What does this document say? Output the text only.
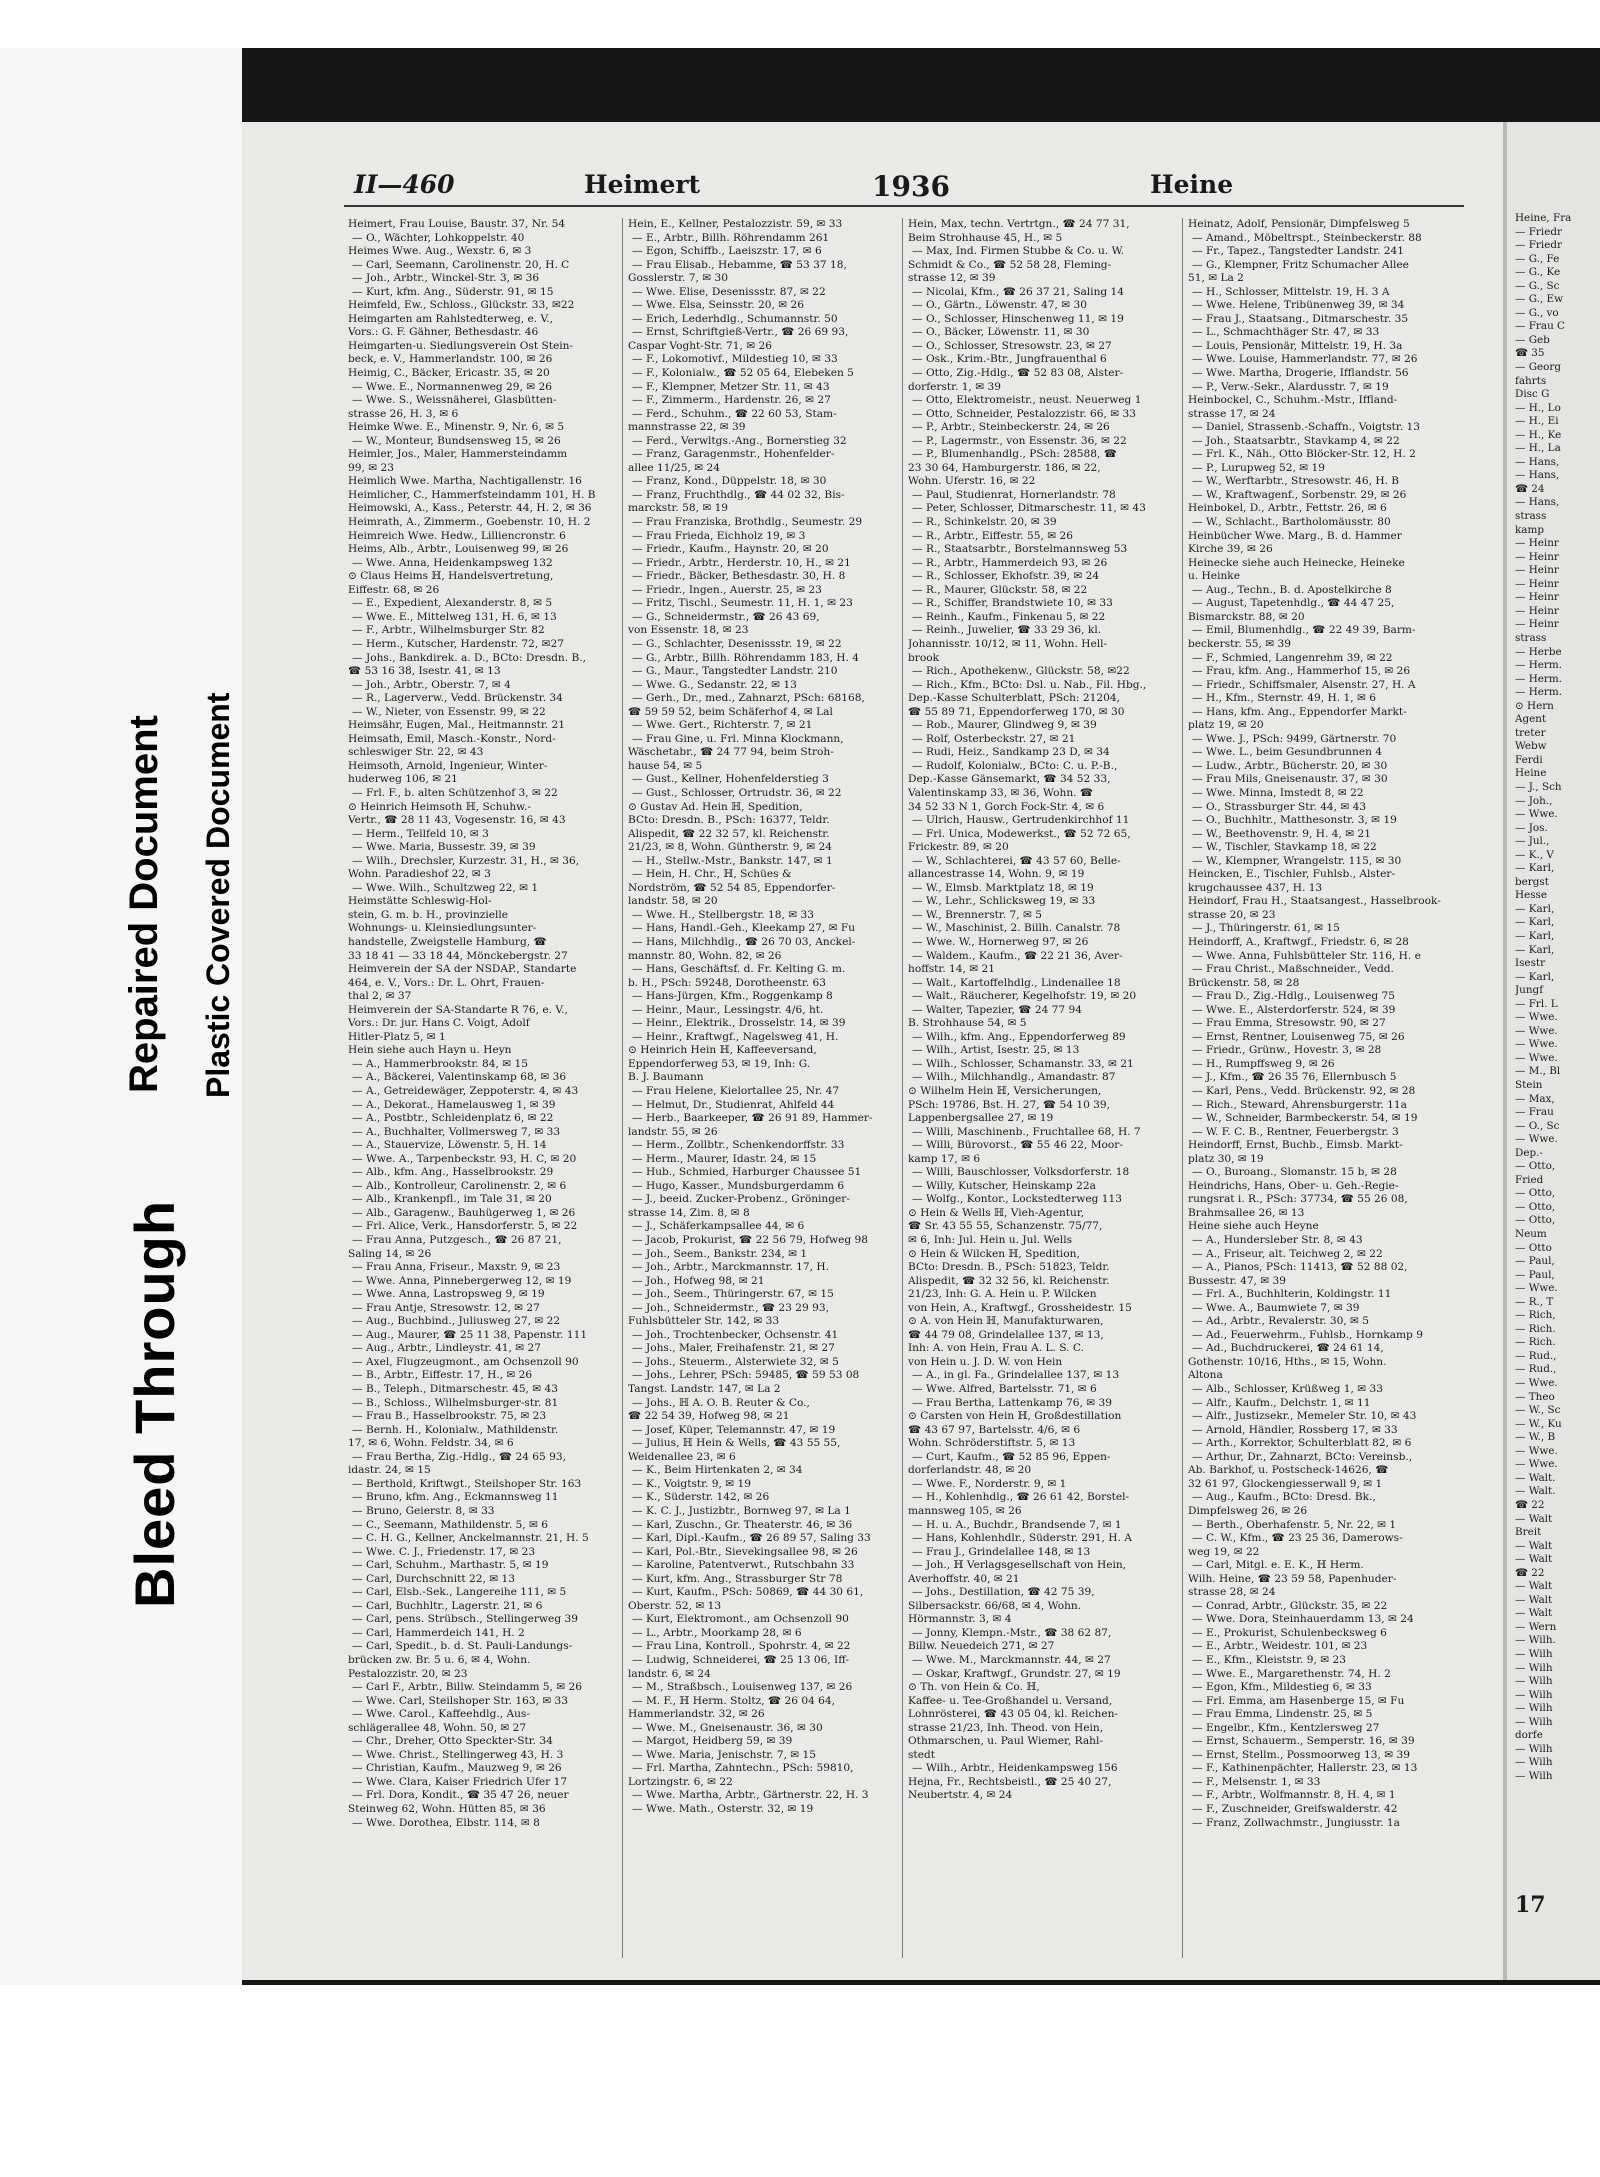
Bleed Through
Repaired Document Plastic Covered Document
II—460	Heimert	1936	Heine
Heimert, Frau Louise, Baustr. 37, Nr. 54
— O., Wächter, Lohkoppelstr. 40
Heimes Wwe. Aug., Wexstr. 6, ✉ 3
— Carl, Seemann, Carolinenstr. 20, H. C
— Joh., Arbtr., Winckel-Str. 3, ✉ 36
— Kurt, kfm. Ang., Süderstr. 91, ✉ 15
Heimfeld, Ew., Schloss., Glückstr. 33, ✉22
Heimgarten am Rahlstedterweg, e. V.,
Vors.: G. F. Gähner, Bethesdastr. 46
Heimgarten-u. Siedlungsverein Ost Stein-
beck, e. V., Hammerlandstr. 100, ✉ 26
Heimig, C., Bäcker, Ericastr. 35, ✉ 20
— Wwe. E., Normannenweg 29, ✉ 26
— Wwe. S., Weissnäherei, Glasbütten-
strasse 26, H. 3, ✉ 6
Heimke Wwe. E., Minenstr. 9, Nr. 6, ✉ 5
— W., Monteur, Bundsensweg 15, ✉ 26
Heimler, Jos., Maler, Hammersteindamm
99, ✉ 23
Heimlich Wwe. Martha, Nachtigallenstr. 16
Heimlicher, C., Hammerfsteindamm 101, H. B
Heimowski, A., Kass., Peterstr. 44, H. 2, ✉ 36
Heimrath, A., Zimmerm., Goebenstr. 10, H. 2
Heimreich Wwe. Hedw., Lilliencronstr. 6
Heims, Alb., Arbtr., Louisenweg 99, ✉ 26
— Wwe. Anna, Heidenkampsweg 132
⊙ Claus Heims ℍ, Handelsvertretung,
Eiffestr. 68, ✉ 26
— E., Expedient, Alexanderstr. 8, ✉ 5
— Wwe. E., Mittelweg 131, H. 6, ✉ 13
— F., Arbtr., Wilhelmsburger Str. 82
— Herm., Kutscher, Hardenstr. 72, ✉27
— Johs., Bankdirek. a. D., BCto: Dresdn. B.,
☎ 53 16 38, Isestr. 41, ✉ 13
— Joh., Arbtr., Oberstr. 7, ✉ 4
— R., Lagerverw., Vedd. Brückenstr. 34
— W., Nieter, von Essenstr. 99, ✉ 22
Heimsähr, Eugen, Mal., Heitmannstr. 21
Heimsath, Emil, Masch.-Konstr., Nord-
schleswiger Str. 22, ✉ 43
Heimsoth, Arnold, Ingenieur, Winter-
huderweg 106, ✉ 21
— Frl. F., b. alten Schützenhof 3, ✉ 22
⊙ Heinrich Heimsoth ℍ, Schuhw.-
Vertr., ☎ 28 11 43, Vogesenstr. 16, ✉ 43
— Herm., Tellfeld 10, ✉ 3
— Wwe. Maria, Bussestr. 39, ✉ 39
— Wilh., Drechsler, Kurzestr. 31, H., ✉ 36,
Wohn. Paradieshof 22, ✉ 3
— Wwe. Wilh., Schultzweg 22, ✉ 1
Heimstätte Schleswig-Hol-
stein, G. m. b. H., provinzielle
Wohnungs- u. Kleinsiedlungsunter-
handstelle, Zweigstelle Hamburg, ☎
33 18 41 — 33 18 44, Mönckebergstr. 27
Heimverein der SA der NSDAP., Standarte
464, e. V., Vors.: Dr. L. Ohrt, Frauen-
thal 2, ✉ 37
Heimverein der SA-Standarte R 76, e. V.,
Vors.: Dr. jur. Hans C. Voigt, Adolf
Hitler-Platz 5, ✉ 1
Hein siehe auch Hayn u. Heyn
— A., Hammerbrookstr. 84, ✉ 15
— A., Bäckerei, Valentinskamp 68, ✉ 36
— A., Getreidewäger, Zeppoterstr. 4, ✉ 43
— A., Dekorat., Hamelausweg 1, ✉ 39
— A., Postbtr., Schleidenplatz 6, ✉ 22
— A., Buchhalter, Vollmersweg 7, ✉ 33
— A., Stauervize, Löwenstr. 5, H. 14
— Wwe. A., Tarpenbeckstr. 93, H. C, ✉ 20
— Alb., kfm. Ang., Hasselbrookstr. 29
— Alb., Kontrolleur, Carolinenstr. 2, ✉ 6
— Alb., Krankenpfl., im Tale 31, ✉ 20
— Alb., Garagenw., Bauhügerweg 1, ✉ 26
— Frl. Alice, Verk., Hansdorferstr. 5, ✉ 22
— Frau Anna, Putzgesch., ☎ 26 87 21,
Saling 14, ✉ 26
— Frau Anna, Friseur., Maxstr. 9, ✉ 23
— Wwe. Anna, Pinnebergerweg 12, ✉ 19
— Wwe. Anna, Lastropsweg 9, ✉ 19
— Frau Antje, Stresowstr. 12, ✉ 27
— Aug., Buchbind., Juliusweg 27, ✉ 22
— Aug., Maurer, ☎ 25 11 38, Papenstr. 111
— Aug., Arbtr., Lindleystr. 41, ✉ 27
— Axel, Flugzeugmont., am Ochsenzoll 90
— B., Arbtr., Eiffestr. 17, H., ✉ 26
— B., Teleph., Ditmarschestr. 45, ✉ 43
— B., Schloss., Wilhelmsburger-str. 81
— Frau B., Hasselbrookstr. 75, ✉ 23
— Bernh. H., Kolonialw., Mathildenstr.
17, ✉ 6, Wohn. Feldstr. 34, ✉ 6
— Frau Bertha, Zig.-Hdlg., ☎ 24 65 93,
idastr. 24, ✉ 15
— Berthold, Kriftwgt., Steilshoper Str. 163
— Bruno, kfm. Ang., Eckmannsweg 11
— Bruno, Geierstr. 8, ✉ 33
— C., Seemann, Mathildenstr. 5, ✉ 6
— C. H. G., Kellner, Anckelmannstr. 21, H. 5
— Wwe. C. J., Friedenstr. 17, ✉ 23
— Carl, Schuhm., Marthastr. 5, ✉ 19
— Carl, Durchschnitt 22, ✉ 13
— Carl, Elsb.-Sek., Langereihe 111, ✉ 5
— Carl, Buchhltr., Lagerstr. 21, ✉ 6
— Carl, pens. Strübsch., Stellingerweg 39
— Carl, Hammerdeich 141, H. 2
— Carl, Spedit., b. d. St. Pauli-Landungs-
brücken zw. Br. 5 u. 6, ✉ 4, Wohn.
Pestalozzistr. 20, ✉ 23
— Carl F., Arbtr., Billw. Steindamm 5, ✉ 26
— Wwe. Carl, Steilshoper Str. 163, ✉ 33
— Wwe. Carol., Kaffeehdlg., Aus-
schlägerallee 48, Wohn. 50, ✉ 27
— Chr., Dreher, Otto Speckter-Str. 34
— Wwe. Christ., Stellingerweg 43, H. 3
— Christian, Kaufm., Mauzweg 9, ✉ 26
— Wwe. Clara, Kaiser Friedrich Ufer 17
— Frl. Dora, Kondit., ☎ 35 47 26, neuer
Steinweg 62, Wohn. Hütten 85, ✉ 36
— Wwe. Dorothea, Elbstr. 114, ✉ 8
Hein, E., Kellner, Pestalozzistr. 59, ✉ 33
— E., Arbtr., Billh. Röhrendamm 261
— Egon, Schiffb., Laeiszstr. 17, ✉ 6
— Frau Elisab., Hebamme, ☎ 53 37 18,
Gosslerstr. 7, ✉ 30
— Wwe. Elise, Desenissstr. 87, ✉ 22
— Wwe. Elsa, Seinsstr. 20, ✉ 26
— Erich, Lederhdlg., Schumannstr. 50
— Ernst, Schriftgieß-Vertr., ☎ 26 69 93,
Caspar Voght-Str. 71, ✉ 26
— F., Lokomotivf., Mildestieg 10, ✉ 33
— F., Kolonialw., ☎ 52 05 64, Elebeken 5
— F., Klempner, Metzer Str. 11, ✉ 43
— F., Zimmerm., Hardenstr. 26, ✉ 27
— Ferd., Schuhm., ☎ 22 60 53, Stam-
mannstrasse 22, ✉ 39
— Ferd., Verwltgs.-Ang., Bornerstieg 32
— Franz, Garagenmstr., Hohenfelder-
allee 11/25, ✉ 24
— Franz, Kond., Düppelstr. 18, ✉ 30
— Franz, Fruchthdlg., ☎ 44 02 32, Bis-
marckstr. 58, ✉ 19
— Frau Franziska, Brothdlg., Seumestr. 29
— Frau Frieda, Eichholz 19, ✉ 3
— Friedr., Kaufm., Haynstr. 20, ✉ 20
— Friedr., Arbtr., Herderstr. 10, H., ✉ 21
— Friedr., Bäcker, Bethesdastr. 30, H. 8
— Friedr., Ingen., Auerstr. 25, ✉ 23
— Fritz, Tischl., Seumestr. 11, H. 1, ✉ 23
— G., Schneidermstr., ☎ 26 43 69,
von Essenstr. 18, ✉ 23
— G., Schlachter, Desenissstr. 19, ✉ 22
— G., Arbtr., Billh. Röhrendamm 183, H. 4
— G., Maur., Tangstedter Landstr. 210
— Wwe. G., Sedanstr. 22, ✉ 13
— Gerh., Dr., med., Zahnarzt, PSch: 68168,
☎ 59 59 52, beim Schäferhof 4, ✉ Lal
— Wwe. Gert., Richterstr. 7, ✉ 21
— Frau Gine, u. Frl. Minna Klockmann,
Wäschetabr., ☎ 24 77 94, beim Stroh-
hause 54, ✉ 5
— Gust., Kellner, Hohenfelderstieg 3
— Gust., Schlosser, Ortrudstr. 36, ✉ 22
⊙ Gustav Ad. Hein ℍ, Spedition,
BCto: Dresdn. B., PSch: 16377, Teldr.
Alispedit, ☎ 22 32 57, kl. Reichenstr.
21/23, ✉ 8, Wohn. Güntherstr. 9, ✉ 24
— H., Stellw.-Mstr., Bankstr. 147, ✉ 1
— Hein, H. Chr., ℍ, Schües &
Nordström, ☎ 52 54 85, Eppendorfer-
landstr. 58, ✉ 20
— Wwe. H., Stellbergstr. 18, ✉ 33
— Hans, Handl.-Geh., Kleekamp 27, ✉ Fu
— Hans, Milchhdlg., ☎ 26 70 03, Anckel-
mannstr. 80, Wohn. 82, ✉ 26
— Hans, Geschäftsf. d. Fr. Kelting G. m.
b. H., PSch: 59248, Dorotheenstr. 63
— Hans-Jürgen, Kfm., Roggenkamp 8
— Heinr., Maur., Lessingstr. 4/6, ht.
— Heinr., Elektrik., Drosselstr. 14, ✉ 39
— Heinr., Kraftwgf., Nagelsweg 41, H.
⊙ Heinrich Hein ℍ, Kaffeeversand,
Eppendorferweg 53, ✉ 19, Inh: G.
B. J. Baumann
— Frau Helene, Kielortallee 25, Nr. 47
— Helmut, Dr., Studienrat, Ahlfeld 44
— Herb., Baarkeeper, ☎ 26 91 89, Hammer-
landstr. 55, ✉ 26
— Herm., Zollbtr., Schenkendorffstr. 33
— Herm., Maurer, Idastr. 24, ✉ 15
— Hub., Schmied, Harburger Chaussee 51
— Hugo, Kasser., Mundsburgerdamm 6
— J., beeid. Zucker-Probenz., Gröninger-
strasse 14, Zim. 8, ✉ 8
— J., Schäferkampsallee 44, ✉ 6
— Jacob, Prokurist, ☎ 22 56 79, Hofweg 98
— Joh., Seem., Bankstr. 234, ✉ 1
— Joh., Arbtr., Marckmannstr. 17, H.
— Joh., Hofweg 98, ✉ 21
— Joh., Seem., Thüringerstr. 67, ✉ 15
— Joh., Schneidermstr., ☎ 23 29 93,
Fuhlsbütteler Str. 142, ✉ 33
— Joh., Trochtenbecker, Ochsenstr. 41
— Johs., Maler, Freihafenstr. 21, ✉ 27
— Johs., Steuerm., Alsterwiete 32, ✉ 5
— Johs., Lehrer, PSch: 59485, ☎ 59 53 08
Tangst. Landstr. 147, ✉ La 2
— Johs., ℍ A. O. B. Reuter & Co.,
☎ 22 54 39, Hofweg 98, ✉ 21
— Josef, Küper, Telemannstr. 47, ✉ 19
— Julius, ℍ Hein & Wells, ☎ 43 55 55,
Weidenallee 23, ✉ 6
— K., Beim Hirtenkaten 2, ✉ 34
— K., Voigtstr. 9, ✉ 19
— K., Süderstr. 142, ✉ 26
— K. C. J., Justizbtr., Bornweg 97, ✉ La 1
— Karl, Zuschn., Gr. Theaterstr. 46, ✉ 36
— Karl, Dipl.-Kaufm., ☎ 26 89 57, Saling 33
— Karl, Pol.-Btr., Sievekingsallee 98, ✉ 26
— Karoline, Patentverwt., Rutschbahn 33
— Kurt, kfm. Ang., Strassburger Str 78
— Kurt, Kaufm., PSch: 50869, ☎ 44 30 61,
Oberstr. 52, ✉ 13
— Kurt, Elektromont., am Ochsenzoll 90
— L., Arbtr., Moorkamp 28, ✉ 6
— Frau Lina, Kontroll., Spohrstr. 4, ✉ 22
— Ludwig, Schneiderei, ☎ 25 13 06, Iff-
landstr. 6, ✉ 24
— M., Straßbsch., Louisenweg 137, ✉ 26
— M. F., ℍ Herm. Stoltz, ☎ 26 04 64,
Hammerlandstr. 32, ✉ 26
— Wwe. M., Gneisenaustr. 36, ✉ 30
— Margot, Heidberg 59, ✉ 39
— Wwe. Maria, Jenischstr. 7, ✉ 15
— Frl. Martha, Zahntechn., PSch: 59810,
Lortzingstr. 6, ✉ 22
— Wwe. Martha, Arbtr., Gärtnerstr. 22, H. 3
— Wwe. Math., Osterstr. 32, ✉ 19
Hein, Max, techn. Vertrtgn., ☎ 24 77 31,
Beim Strohhause 45, H., ✉ 5
— Max, Ind. Firmen Stubbe & Co. u. W.
Schmidt & Co., ☎ 52 58 28, Fleming-
strasse 12, ✉ 39
— Nicolai, Kfm., ☎ 26 37 21, Saling 14
— O., Gärtn., Löwenstr. 47, ✉ 30
— O., Schlosser, Hinschenweg 11, ✉ 19
— O., Bäcker, Löwenstr. 11, ✉ 30
— O., Schlosser, Stresowstr. 23, ✉ 27
— Osk., Krim.-Btr., Jungfrauenthal 6
— Otto, Zig.-Hdlg., ☎ 52 83 08, Alster-
dorferstr. 1, ✉ 39
— Otto, Elektromeistr., neust. Neuerweg 1
— Otto, Schneider, Pestalozzistr. 66, ✉ 33
— P., Arbtr., Steinbeckerstr. 24, ✉ 26
— P., Lagermstr., von Essenstr. 36, ✉ 22
— P., Blumenhandlg., PSch: 28588, ☎
23 30 64, Hamburgerstr. 186, ✉ 22,
Wohn. Uferstr. 16, ✉ 22
— Paul, Studienrat, Hornerlandstr. 78
— Peter, Schlosser, Ditmarschestr. 11, ✉ 43
— R., Schinkelstr. 20, ✉ 39
— R., Arbtr., Eiffestr. 55, ✉ 26
— R., Staatsarbtr., Borstelmannsweg 53
— R., Arbtr., Hammerdeich 93, ✉ 26
— R., Schlosser, Ekhofstr. 39, ✉ 24
— R., Maurer, Glückstr. 58, ✉ 22
— R., Schiffer, Brandstwiete 10, ✉ 33
— Reinh., Kaufm., Finkenau 5, ✉ 22
— Reinh., Juwelier, ☎ 33 29 36, kl.
Johannisstr. 10/12, ✉ 11, Wohn. Hell-
brook
— Rich., Apothekenw., Glückstr. 58, ✉22
— Rich., Kfm., BCto: Dsl. u. Nab., Fil. Hbg.,
Dep.-Kasse Schulterblatt, PSch: 21204,
☎ 55 89 71, Eppendorferweg 170, ✉ 30
— Rob., Maurer, Glindweg 9, ✉ 39
— Rolf, Osterbeckstr. 27, ✉ 21
— Rudi, Heiz., Sandkamp 23 D, ✉ 34
— Rudolf, Kolonialw., BCto: C. u. P.-B.,
Dep.-Kasse Gänsemarkt, ☎ 34 52 33,
Valentinskamp 33, ✉ 36, Wohn. ☎
34 52 33 N 1, Gorch Fock-Str. 4, ✉ 6
— Ulrich, Hausw., Gertrudenkirchhof 11
— Frl. Unica, Modewerkst., ☎ 52 72 65,
Frickestr. 89, ✉ 20
— W., Schlachterei, ☎ 43 57 60, Belle-
allancestrasse 14, Wohn. 9, ✉ 19
— W., Elmsb. Marktplatz 18, ✉ 19
— W., Lehr., Schlicksweg 19, ✉ 33
— W., Brennerstr. 7, ✉ 5
— W., Maschinist, 2. Billh. Canalstr. 78
— Wwe. W., Hornerweg 97, ✉ 26
— Waldem., Kaufm., ☎ 22 21 36, Aver-
hoffstr. 14, ✉ 21
— Walt., Kartoffelhdlg., Lindenallee 18
— Walt., Räucherer, Kegelhofstr. 19, ✉ 20
— Walter, Tapezier, ☎ 24 77 94
B. Strohhause 54, ✉ 5
— Wilh., kfm. Ang., Eppendorferweg 89
— Wilh., Artist, Isestr. 25, ✉ 13
— Wilh., Schlosser, Schamanstr. 33, ✉ 21
— Wilh., Milchhandlg., Amandastr. 87
⊙ Wilhelm Hein ℍ, Versicherungen,
PSch: 19786, Bst. H. 27, ☎ 54 10 39,
Lappenbergsallee 27, ✉ 19
— Willi, Maschinenb., Fruchtallee 68, H. 7
— Willi, Bürovorst., ☎ 55 46 22, Moor-
kamp 17, ✉ 6
— Willi, Bauschlosser, Volksdorferstr. 18
— Willy, Kutscher, Heinskamp 22a
— Wolfg., Kontor., Lockstedterweg 113
⊙ Hein & Wells ℍ, Vieh-Agentur,
☎ Sr. 43 55 55, Schanzenstr. 75/77,
✉ 6, Inh: Jul. Hein u. Jul. Wells
⊙ Hein & Wilcken ℍ, Spedition,
BCto: Dresdn. B., PSch: 51823, Teldr.
Alispedit, ☎ 32 32 56, kl. Reichenstr.
21/23, Inh: G. A. Hein u. P. Wilcken
von Hein, A., Kraftwgf., Grossheidestr. 15
⊙ A. von Hein ℍ, Manufakturwaren,
☎ 44 79 08, Grindelallee 137, ✉ 13,
Inh: A. von Hein, Frau A. L. S. C.
von Hein u. J. D. W. von Hein
— A., in gl. Fa., Grindelallee 137, ✉ 13
— Wwe. Alfred, Bartelsstr. 71, ✉ 6
— Frau Bertha, Lattenkamp 76, ✉ 39
⊙ Carsten von Hein ℍ, Großdestillation
☎ 43 67 97, Bartelsstr. 4/6, ✉ 6
Wohn. Schröderstiftstr. 5, ✉ 13
— Curt, Kaufm., ☎ 52 85 96, Eppen-
dorferlandstr. 48, ✉ 20
— Wwe. F., Norderstr. 9, ✉ 1
— H., Kohlenhdlg., ☎ 26 61 42, Borstel-
mannsweg 105, ✉ 26
— H. u. A., Buchdr., Brandsende 7, ✉ 1
— Hans, Kohlenhdlr., Süderstr. 291, H. A
— Frau J., Grindelallee 148, ✉ 13
— Joh., ℍ Verlagsgesellschaft von Hein,
Averhoffstr. 40, ✉ 21
— Johs., Destillation, ☎ 42 75 39,
Silbersackstr. 66/68, ✉ 4, Wohn.
Hörmannstr. 3, ✉ 4
— Jonny, Klempn.-Mstr., ☎ 38 62 87,
Billw. Neuedeich 271, ✉ 27
— Wwe. M., Marckmannstr. 44, ✉ 27
— Oskar, Kraftwgf., Grundstr. 27, ✉ 19
⊙ Th. von Hein & Co. ℍ,
Kaffee- u. Tee-Großhandel u. Versand,
Lohnrösterei, ☎ 43 05 04, kl. Reichen-
strasse 21/23, Inh. Theod. von Hein,
Othmarschen, u. Paul Wiemer, Rahl-
stedt
— Wilh., Arbtr., Heidenkampsweg 156
Hejna, Fr., Rechtsbeistl., ☎ 25 40 27,
Neubertstr. 4, ✉ 24
Heinatz, Adolf, Pensionär, Dimpfelsweg 5
— Amand., Möbeltrspt., Steinbeckerstr. 88
— Fr., Tapez., Tangstedter Landstr. 241
— G., Klempner, Fritz Schumacher Allee
51, ✉ La 2
— H., Schlosser, Mittelstr. 19, H. 3 A
— Wwe. Helene, Tribünenweg 39, ✉ 34
— Frau J., Staatsang., Ditmarschestr. 35
— L., Schmachthäger Str. 47, ✉ 33
— Louis, Pensionär, Mittelstr. 19, H. 3a
— Wwe. Louise, Hammerlandstr. 77, ✉ 26
— Wwe. Martha, Drogerie, Ifflandstr. 56
— P., Verw.-Sekr., Alardusstr. 7, ✉ 19
Heinbockel, C., Schuhm.-Mstr., Iffland-
strasse 17, ✉ 24
— Daniel, Strassenb.-Schaffn., Voigtstr. 13
— Joh., Staatsarbtr., Stavkamp 4, ✉ 22
— Frl. K., Näh., Otto Blöcker-Str. 12, H. 2
— P., Lurupweg 52, ✉ 19
— W., Werftarbtr., Stresowstr. 46, H. B
— W., Kraftwagenf., Sorbenstr. 29, ✉ 26
Heinbokel, D., Arbtr., Fettstr. 26, ✉ 6
— W., Schlacht., Bartholomäusstr. 80
Heinbücher Wwe. Marg., B. d. Hammer
Kirche 39, ✉ 26
Heinecke siehe auch Heinecke, Heineke
u. Heinke
— Aug., Techn., B. d. Apostelkirche 8
— August, Tapetenhdlg., ☎ 44 47 25,
Bismarckstr. 88, ✉ 20
— Emil, Blumenhdlg., ☎ 22 49 39, Barm-
beckerstr. 55, ✉ 39
— F., Schmied, Langenrehm 39, ✉ 22
— Frau, kfm. Ang., Hammerhof 15, ✉ 26
— Friedr., Schiffsmaler, Alsenstr. 27, H. A
— H., Kfm., Sternstr. 49, H. 1, ✉ 6
— Hans, kfm. Ang., Eppendorfer Markt-
platz 19, ✉ 20
— Wwe. J., PSch: 9499, Gärtnerstr. 70
— Wwe. L., beim Gesundbrunnen 4
— Ludw., Arbtr., Bücherstr. 20, ✉ 30
— Frau Mils, Gneisenaustr. 37, ✉ 30
— Wwe. Minna, Imstedt 8, ✉ 22
— O., Strassburger Str. 44, ✉ 43
— O., Buchhltr., Matthesonstr. 3, ✉ 19
— W., Beethovenstr. 9, H. 4, ✉ 21
— W., Tischler, Stavkamp 18, ✉ 22
— W., Klempner, Wrangelstr. 115, ✉ 30
Heincken, E., Tischler, Fuhlsb., Alster-
krugchaussee 437, H. 13
Heindorf, Frau H., Staatsangest., Hasselbrook-
strasse 20, ✉ 23
— J., Thüringerstr. 61, ✉ 15
Heindorff, A., Kraftwgf., Friedstr. 6, ✉ 28
— Wwe. Anna, Fuhlsbütteler Str. 116, H. e
— Frau Christ., Maßschneider., Vedd.
Brückenstr. 58, ✉ 28
— Frau D., Zig.-Hdlg., Louisenweg 75
— Wwe. E., Alsterdorferstr. 524, ✉ 39
— Frau Emma, Stresowstr. 90, ✉ 27
— Ernst, Rentner, Louisenweg 75, ✉ 26
— Friedr., Grünw., Hovestr. 3, ✉ 28
— H., Rumpffsweg 9, ✉ 26
— J., Kfm., ☎ 26 35 76, Ellernbusch 5
— Karl, Pens., Vedd. Brückenstr. 92, ✉ 28
— Rich., Steward, Ahrensburgerstr. 11a
— W., Schneider, Barmbeckerstr. 54, ✉ 19
— W. F. C. B., Rentner, Feuerbergstr. 3
Heindorff, Ernst, Buchb., Eimsb. Markt-
platz 30, ✉ 19
— O., Buroang., Slomanstr. 15 b, ✉ 28
Heindrichs, Hans, Ober- u. Geh.-Regie-
rungsrat i. R., PSch: 37734, ☎ 55 26 08,
Brahmsallee 26, ✉ 13
Heine siehe auch Heyne
— A., Hundersleber Str. 8, ✉ 43
— A., Friseur, alt. Teichweg 2, ✉ 22
— A., Pianos, PSch: 11413, ☎ 52 88 02,
Bussestr. 47, ✉ 39
— Frl. A., Buchhlterin, Koldingstr. 11
— Wwe. A., Baumwiete 7, ✉ 39
— Ad., Arbtr., Revalerstr. 30, ✉ 5
— Ad., Feuerwehrm., Fuhlsb., Hornkamp 9
— Ad., Buchdruckerei, ☎ 24 61 14,
Gothenstr. 10/16, Hths., ✉ 15, Wohn.
Altona
— Alb., Schlosser, Krüßweg 1, ✉ 33
— Alfr., Kaufm., Delchstr. 1, ✉ 11
— Alfr., Justizsekr., Memeler Str. 10, ✉ 43
— Arnold, Händler, Rossberg 17, ✉ 33
— Arth., Korrektor, Schulterblatt 82, ✉ 6
— Arthur, Dr., Zahnarzt, BCto: Vereinsb.,
Ab. Barkhof, u. Postscheck-14626, ☎
32 61 97, Glockengiesserwall 9, ✉ 1
— Aug., Kaufm., BCto: Dresd. Bk.,
Dimpfelsweg 26, ✉ 26
— Berth., Oberhafenstr. 5, Nr. 22, ✉ 1
— C. W., Kfm., ☎ 23 25 36, Damerows-
weg 19, ✉ 22
— Carl, Mitgl. e. E. K., ℍ Herm.
Wilh. Heine, ☎ 23 59 58, Papenhuder-
strasse 28, ✉ 24
— Conrad, Arbtr., Glückstr. 35, ✉ 22
— Wwe. Dora, Steinhauerdamm 13, ✉ 24
— E., Prokurist, Schulenbecksweg 6
— E., Arbtr., Weidestr. 101, ✉ 23
— E., Kfm., Kleiststr. 9, ✉ 23
— Wwe. E., Margarethenstr. 74, H. 2
— Egon, Kfm., Mildestieg 6, ✉ 33
— Frl. Emma, am Hasenberge 15, ✉ Fu
— Frau Emma, Lindenstr. 25, ✉ 5
— Engelbr., Kfm., Kentzlersweg 27
— Ernst, Schauerm., Semperstr. 16, ✉ 39
— Ernst, Stellm., Possmoorweg 13, ✉ 39
— F., Kathinenpächter, Hallerstr. 23, ✉ 13
— F., Melsenstr. 1, ✉ 33
— F., Arbtr., Wolfmannstr. 8, H. 4, ✉ 1
— F., Zuschneider, Greifswalderstr. 42
— Franz, Zollwachmstr., Jungiusstr. 1a
Heine, Fra
— Friedr
— Friedr
— G., Fe
— G., Ke
— G., Sc
— G., Ew
— G., vo
— Frau C
— Geb
☎ 35
— Georg
fahrts
Disc G
— H., Lo
— H., Ei
— H., Ke
— H., La
— Hans,
— Hans,
☎ 24
— Hans,
strass
kamp
— Heinr
— Heinr
— Heinr
— Heinr
— Heinr
— Heinr
— Heinr
strass
— Herbe
— Herm.
— Herm.
— Herm.
⊙ Hern
Agent
treter
Webw
Ferdi
Heine
— J., Sch
— Joh.,
— Wwe.
— Jos.
— Jul.,
— K., V
— Karl,
bergst
Hesse
— Karl,
— Karl,
— Karl,
— Karl,
Isestr
— Karl,
Jungf
— Frl. L
— Wwe.
— Wwe.
— Wwe.
— Wwe.
— M., Bl
Stein
— Max,
— Frau
— O., Sc
— Wwe.
Dep.-
— Otto,
Fried
— Otto,
— Otto,
— Otto,
Neum
— Otto
— Paul,
— Paul,
— Wwe.
— R., T
— Rich,
— Rich.
— Rich.
— Rud.,
— Rud.,
— Wwe.
— Theo
— W., Sc
— W., Ku
— W., B
— Wwe.
— Wwe.
— Walt.
— Walt.
☎ 22
— Walt
Breit
— Walt
— Walt
☎ 22
— Walt
— Walt
— Walt
— Wern
— Wilh.
— Wilh
— Wilh
— Wilh
— Wilh
— Wilh
— Wilh
dorfe
— Wilh
— Wilh
— Wilh
17
